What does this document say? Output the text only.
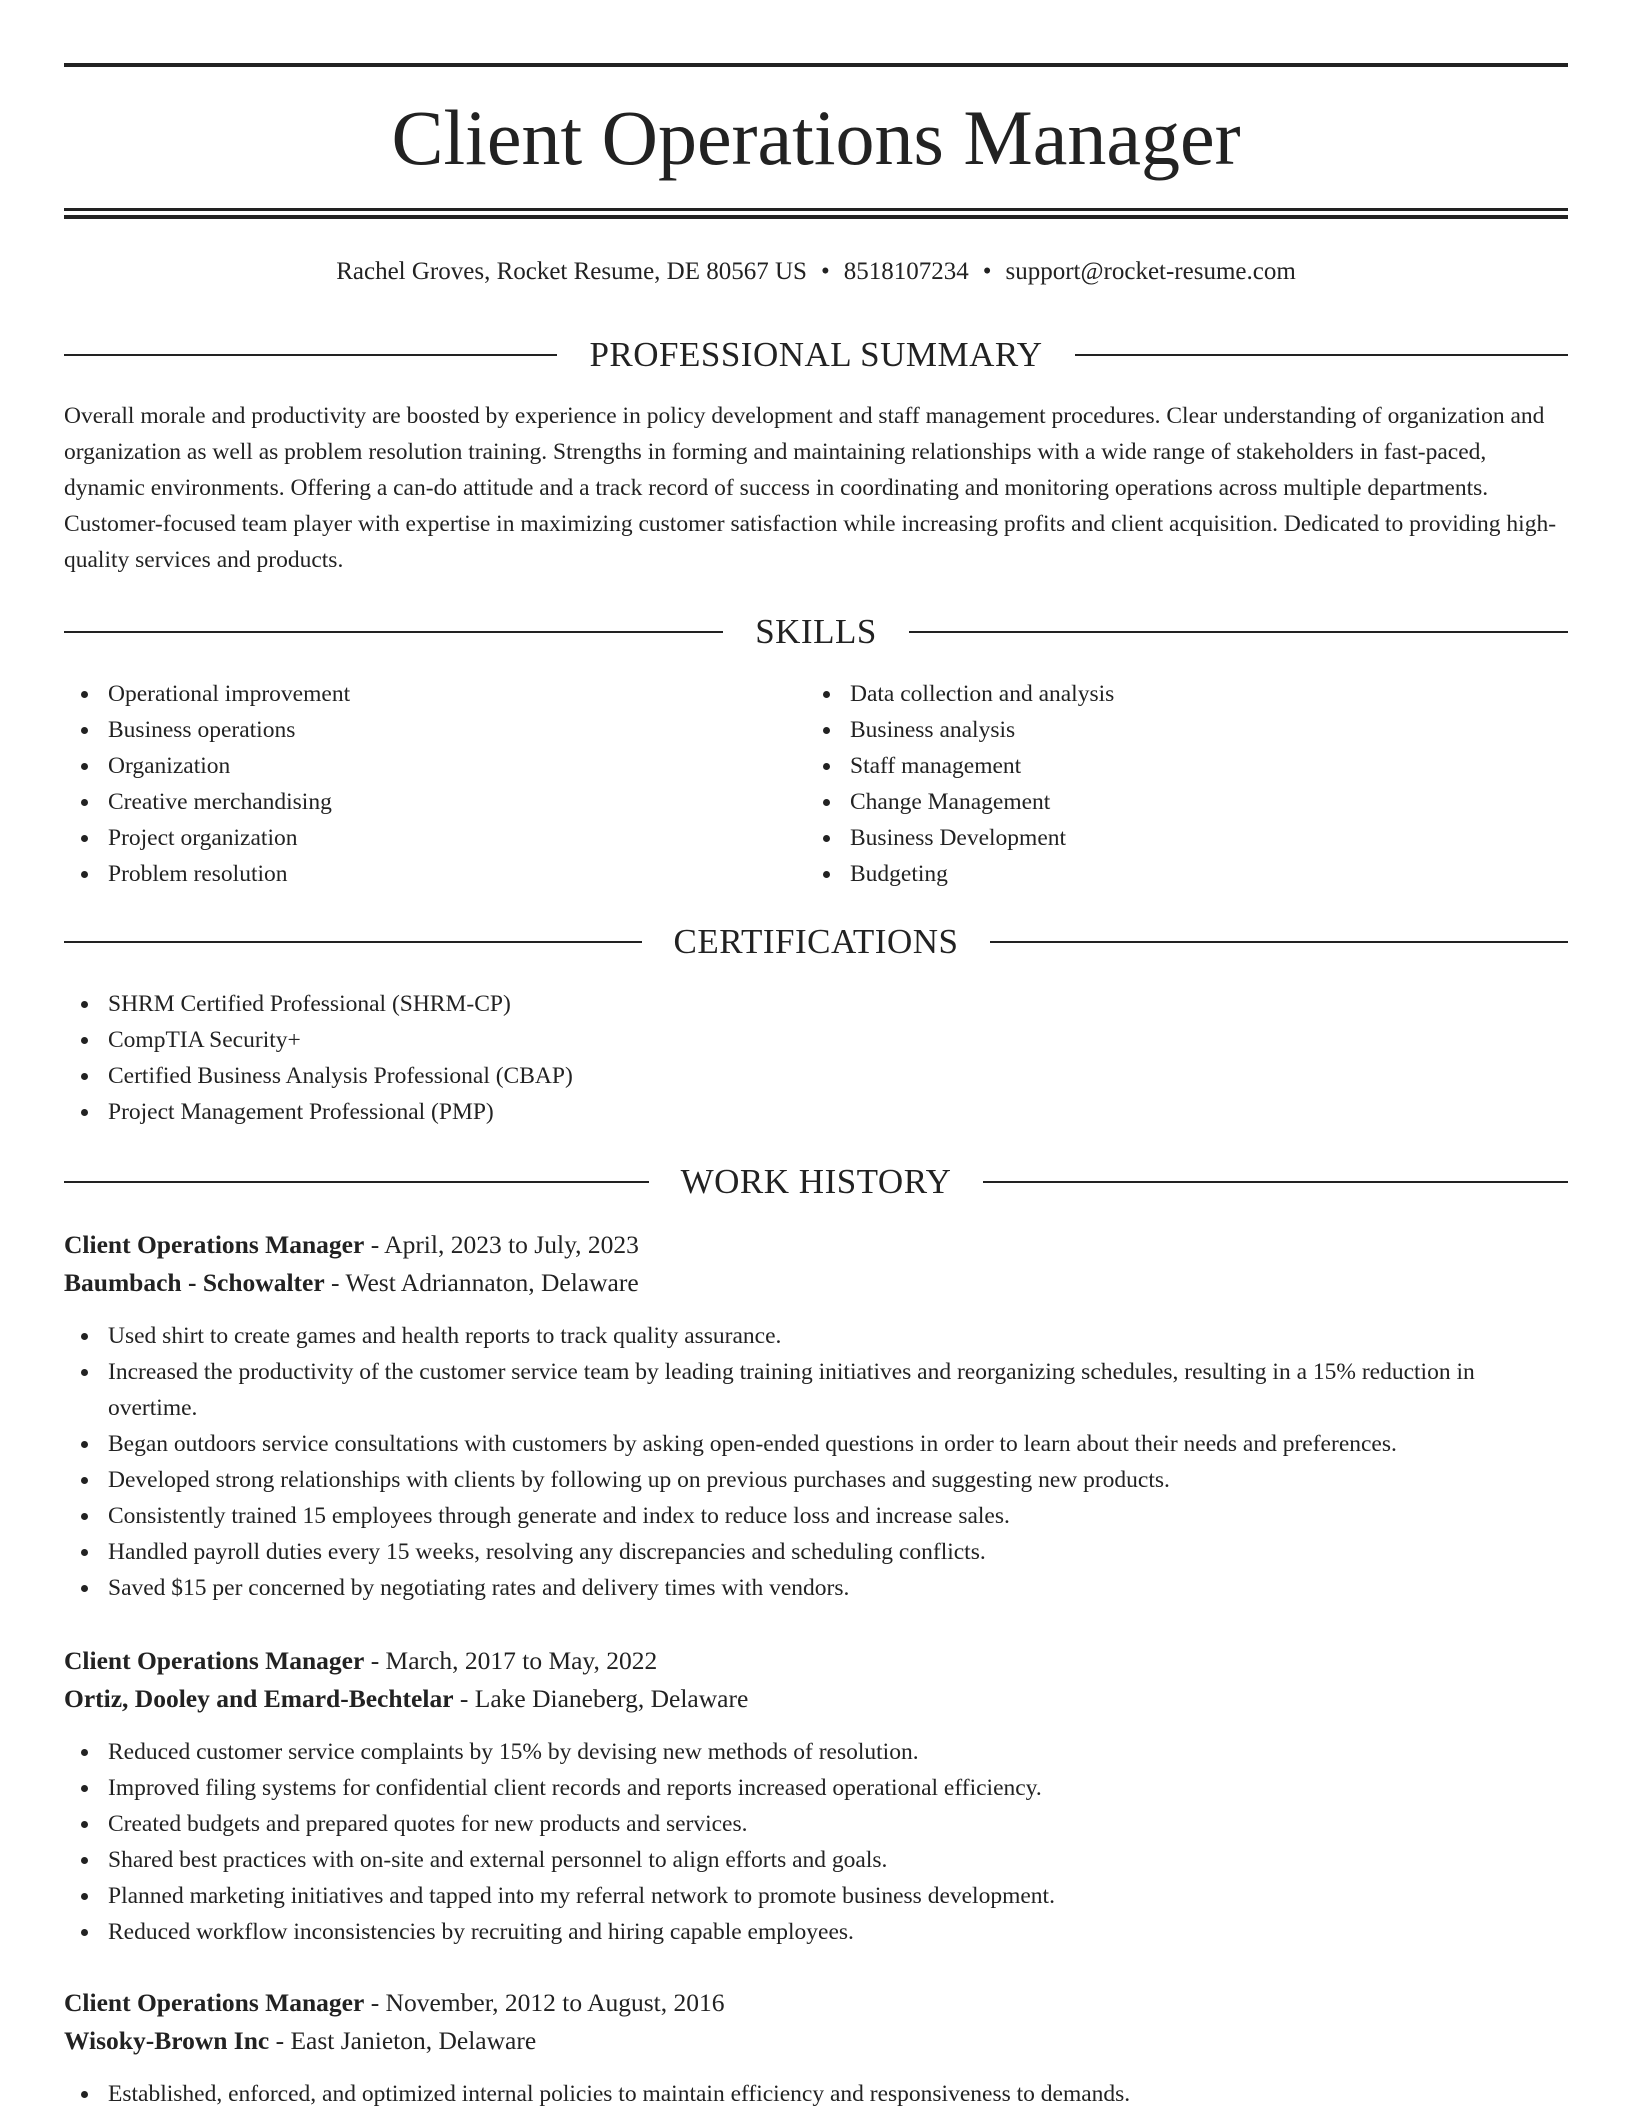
Client Operations Manager
Rachel Groves, Rocket Resume, DE 80567 US • 8518107234 • support@rocket-resume.com
PROFESSIONAL SUMMARY

Overall morale and productivity are boosted by experience in policy development and staff management procedures. Clear understanding of organization and organization as well as problem resolution training. Strengths in forming and maintaining relationships with a wide range of stakeholders in fast-paced, dynamic environments. Offering a can-do attitude and a track record of success in coordinating and monitoring operations across multiple departments. Customer-focused team player with expertise in maximizing customer satisfaction while increasing profits and client acquisition. Dedicated to providing high-quality services and products.

SKILLS
Operational improvement
Business operations
Organization
Creative merchandising
Project organization
Problem resolution
Data collection and analysis
Business analysis
Staff management
Change Management
Business Development
Budgeting
CERTIFICATIONS
SHRM Certified Professional (SHRM-CP)
CompTIA Security+
Certified Business Analysis Professional (CBAP)
Project Management Professional (PMP)
WORK HISTORY
Client Operations Manager - April, 2023 to July, 2023
Baumbach - Schowalter - West Adriannaton, Delaware
Used shirt to create games and health reports to track quality assurance.
Increased the productivity of the customer service team by leading training initiatives and reorganizing schedules, resulting in a 15% reduction in overtime.
Began outdoors service consultations with customers by asking open-ended questions in order to learn about their needs and preferences.
Developed strong relationships with clients by following up on previous purchases and suggesting new products.
Consistently trained 15 employees through generate and index to reduce loss and increase sales.
Handled payroll duties every 15 weeks, resolving any discrepancies and scheduling conflicts.
Saved $15 per concerned by negotiating rates and delivery times with vendors.
Client Operations Manager - March, 2017 to May, 2022
Ortiz, Dooley and Emard-Bechtelar - Lake Dianeberg, Delaware
Reduced customer service complaints by 15% by devising new methods of resolution.
Improved filing systems for confidential client records and reports increased operational efficiency.
Created budgets and prepared quotes for new products and services.
Shared best practices with on-site and external personnel to align efforts and goals.
Planned marketing initiatives and tapped into my referral network to promote business development.
Reduced workflow inconsistencies by recruiting and hiring capable employees.
Client Operations Manager - November, 2012 to August, 2016
Wisoky-Brown Inc - East Janieton, Delaware
Established, enforced, and optimized internal policies to maintain efficiency and responsiveness to demands.
